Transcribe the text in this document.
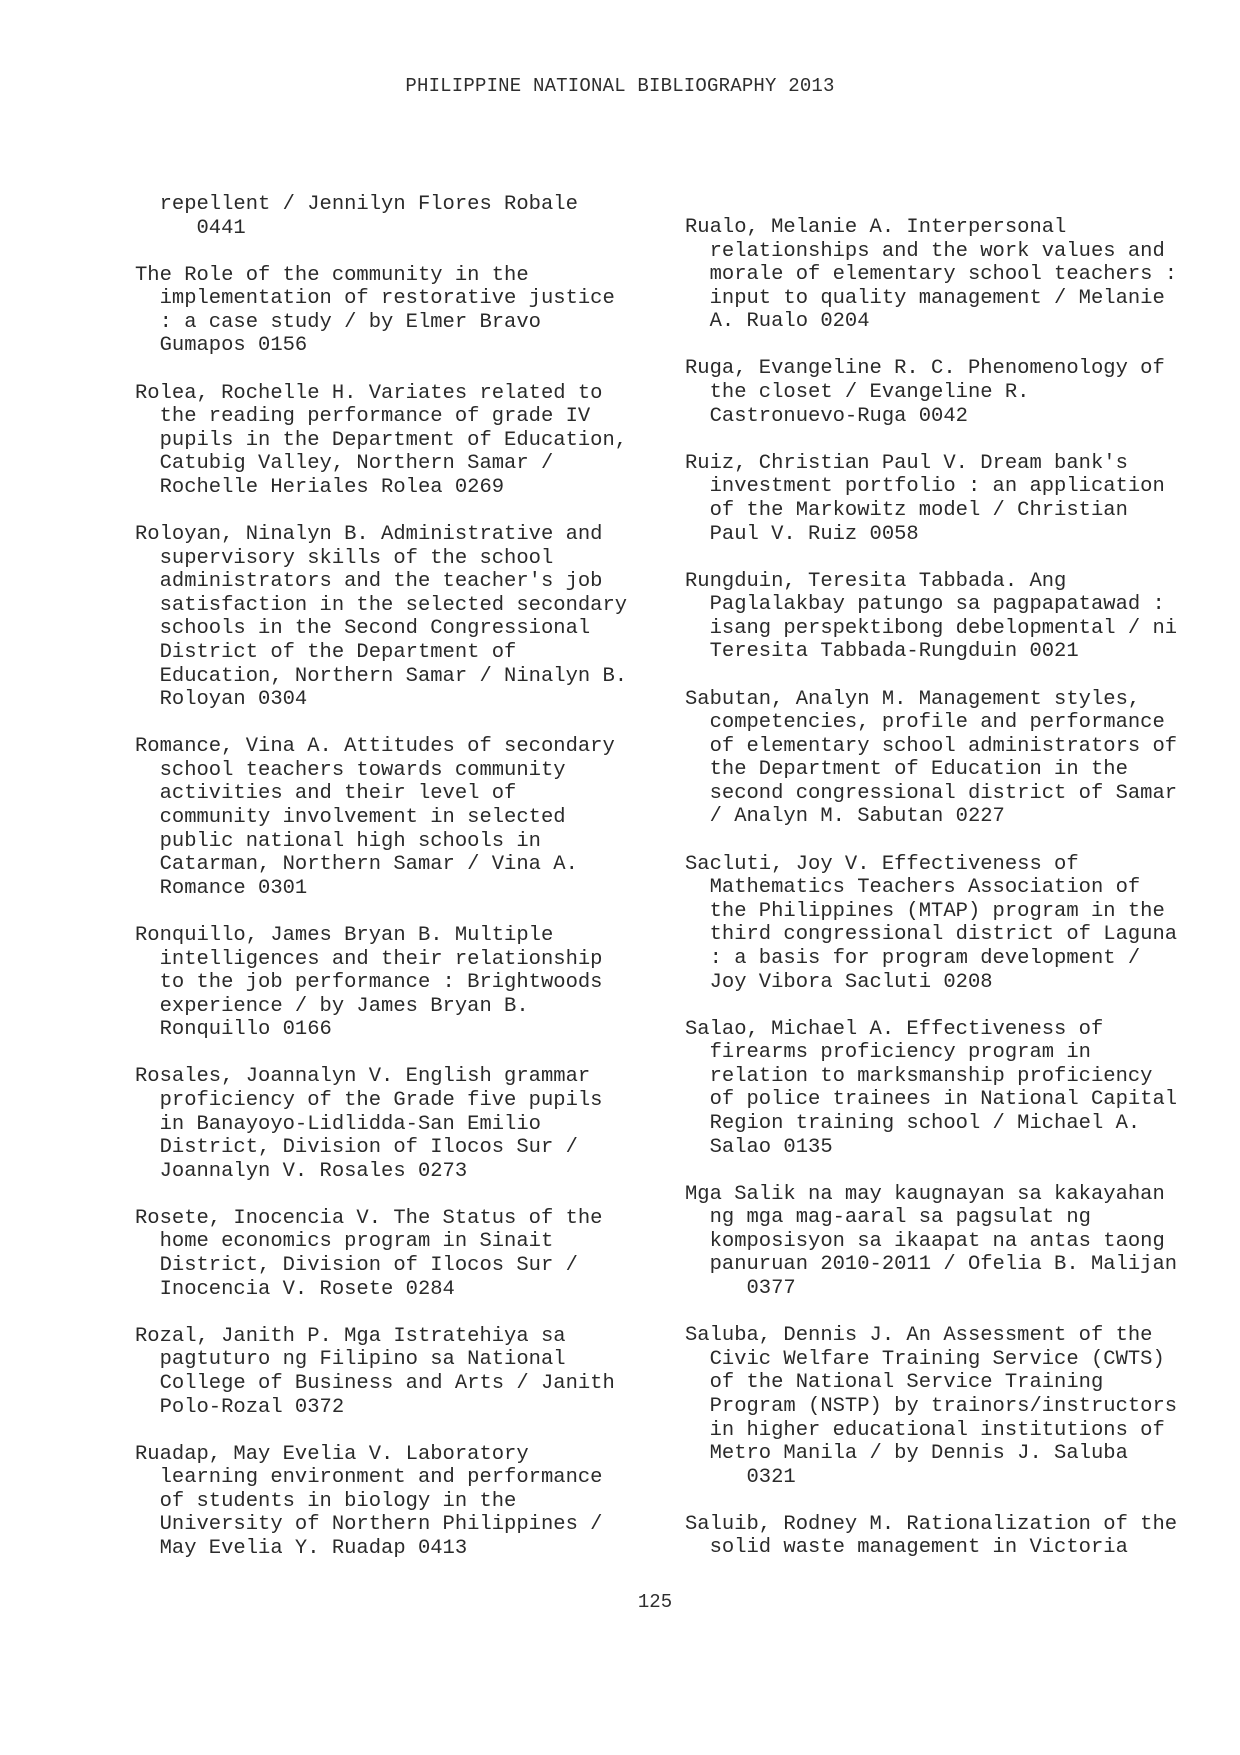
PHILIPPINE NATIONAL BIBLIOGRAPHY 2013
repellent / Jennilyn Flores Robale
0441
The Role of the community in the
implementation of restorative justice
: a case study / by Elmer Bravo
Gumapos 0156
Rolea, Rochelle H. Variates related to
the reading performance of grade IV
pupils in the Department of Education,
Catubig Valley, Northern Samar /
Rochelle Heriales Rolea 0269
Roloyan, Ninalyn B. Administrative and
supervisory skills of the school
administrators and the teacher's job
satisfaction in the selected secondary
schools in the Second Congressional
District of the Department of
Education, Northern Samar / Ninalyn B.
Roloyan 0304
Romance, Vina A. Attitudes of secondary
school teachers towards community
activities and their level of
community involvement in selected
public national high schools in
Catarman, Northern Samar / Vina A.
Romance 0301
Ronquillo, James Bryan B. Multiple
intelligences and their relationship
to the job performance : Brightwoods
experience / by James Bryan B.
Ronquillo 0166
Rosales, Joannalyn V. English grammar
proficiency of the Grade five pupils
in Banayoyo-Lidlidda-San Emilio
District, Division of Ilocos Sur /
Joannalyn V. Rosales 0273
Rosete, Inocencia V. The Status of the
home economics program in Sinait
District, Division of Ilocos Sur /
Inocencia V. Rosete 0284
Rozal, Janith P. Mga Istratehiya sa
pagtuturo ng Filipino sa National
College of Business and Arts / Janith
Polo-Rozal 0372
Ruadap, May Evelia V. Laboratory
learning environment and performance
of students in biology in the
University of Northern Philippines /
May Evelia Y. Ruadap 0413
Rualo, Melanie A. Interpersonal
relationships and the work values and
morale of elementary school teachers :
input to quality management / Melanie
A. Rualo 0204
Ruga, Evangeline R. C. Phenomenology of
the closet / Evangeline R.
Castronuevo-Ruga 0042
Ruiz, Christian Paul V. Dream bank's
investment portfolio : an application
of the Markowitz model / Christian
Paul V. Ruiz 0058
Rungduin, Teresita Tabbada. Ang
Paglalakbay patungo sa pagpapatawad :
isang perspektibong debelopmental / ni
Teresita Tabbada-Rungduin 0021
Sabutan, Analyn M. Management styles,
competencies, profile and performance
of elementary school administrators of
the Department of Education in the
second congressional district of Samar
/ Analyn M. Sabutan 0227
Sacluti, Joy V. Effectiveness of
Mathematics Teachers Association of
the Philippines (MTAP) program in the
third congressional district of Laguna
: a basis for program development /
Joy Vibora Sacluti 0208
Salao, Michael A. Effectiveness of
firearms proficiency program in
relation to marksmanship proficiency
of police trainees in National Capital
Region training school / Michael A.
Salao 0135
Mga Salik na may kaugnayan sa kakayahan
ng mga mag-aaral sa pagsulat ng
komposisyon sa ikaapat na antas taong
panuruan 2010-2011 / Ofelia B. Malijan
0377
Saluba, Dennis J. An Assessment of the
Civic Welfare Training Service (CWTS)
of the National Service Training
Program (NSTP) by trainors/instructors
in higher educational institutions of
Metro Manila / by Dennis J. Saluba
0321
Saluib, Rodney M. Rationalization of the
solid waste management in Victoria
125
